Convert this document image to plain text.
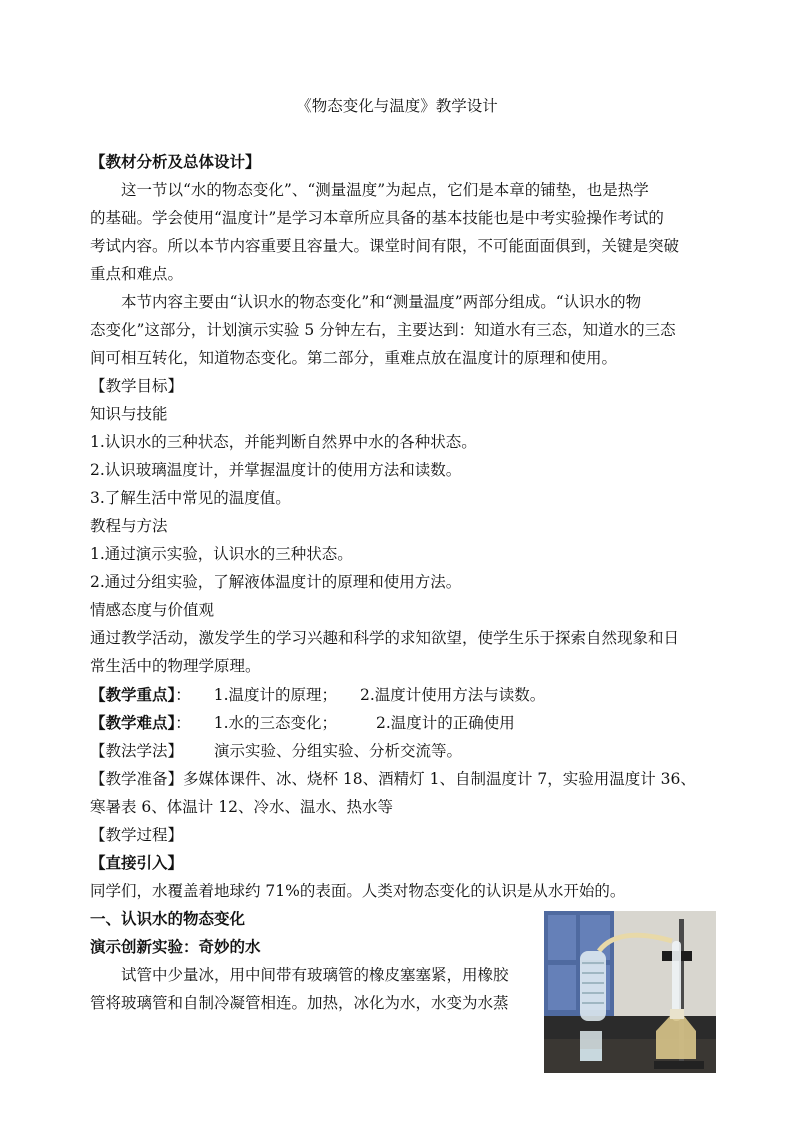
《物态变化与温度》教学设计
【教材分析及总体设计】
这一节以“水的物态变化”、“测量温度”为起点，它们是本章的铺垫，也是热学
的基础。学会使用“温度计”是学习本章所应具备的基本技能也是中考实验操作考试的
考试内容。所以本节内容重要且容量大。课堂时间有限，不可能面面俱到，关键是突破
重点和难点。
本节内容主要由“认识水的物态变化”和“测量温度”两部分组成。“认识水的物
态变化”这部分，计划演示实验 5 分钟左右，主要达到：知道水有三态，知道水的三态
间可相互转化，知道物态变化。第二部分，重难点放在温度计的原理和使用。
【教学目标】
知识与技能
1.认识水的三种状态，并能判断自然界中水的各种状态。
2.认识玻璃温度计，并掌握温度计的使用方法和读数。
3.了解生活中常见的温度值。
教程与方法
1.通过演示实验，认识水的三种状态。
2.通过分组实验，了解液体温度计的原理和使用方法。
情感态度与价值观
通过教学活动，激发学生的学习兴趣和科学的求知欲望，使学生乐于探索自然现象和日
常生活中的物理学原理。
【教学重点】： 1.温度计的原理； 2.温度计使用方法与读数。
【教学难点】： 1.水的三态变化；	2.温度计的正确使用
【教法学法】 演示实验、分组实验、分析交流等。
【教学准备】多媒体课件、冰、烧杯 18、酒精灯 1、自制温度计 7，实验用温度计 36、
寒暑表 6、体温计 12、冷水、温水、热水等
【教学过程】
【直接引入】
同学们，水覆盖着地球约 71%的表面。人类对物态变化的认识是从水开始的。
一、认识水的物态变化
演示创新实验：奇妙的水
试管中少量冰，用中间带有玻璃管的橡皮塞塞紧，用橡胶
管将玻璃管和自制冷凝管相连。加热，冰化为水，水变为水蒸
